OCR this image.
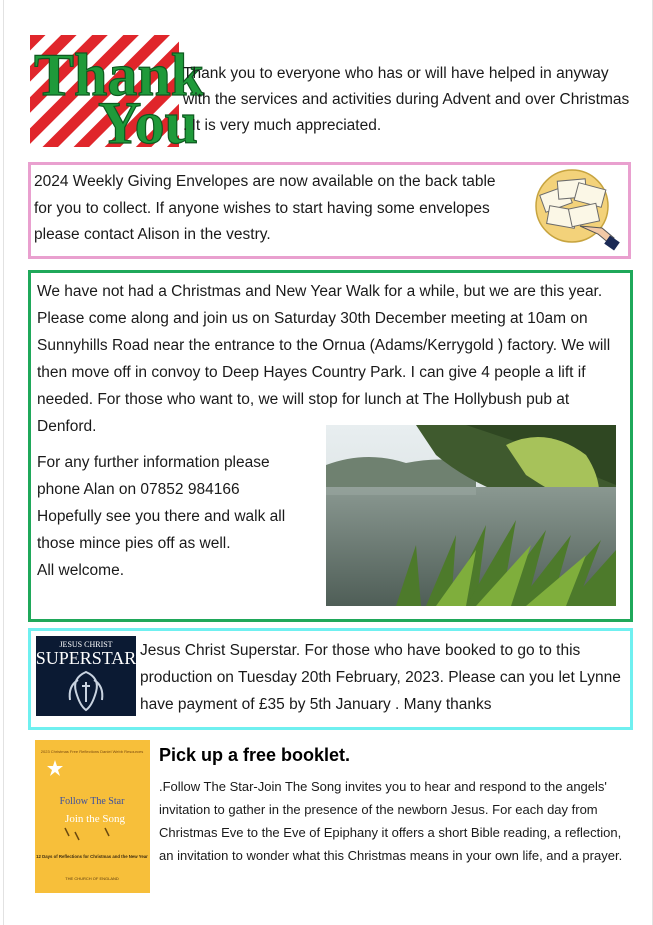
Thank
You
Thank you to everyone who has or will have helped in anyway with the services and activities during Advent and over Christmas . It is very much appreciated.
2024 Weekly Giving Envelopes are now available on the back table for you to collect. If anyone wishes to start having some envelopes please contact Alison in the vestry.
We have not had a Christmas and New Year Walk for a while, but we are this year. Please come along and join us on Saturday 30th December meeting at 10am on Sunnyhills Road near the entrance to the Ornua (Adams/Kerrygold ) factory. We will then move off in convoy to Deep Hayes Country Park. I can give 4 people a lift if needed. For those who want to, we will stop for lunch at The Hollybush pub at Denford.
For any further information please
phone Alan on 07852 984166
Hopefully see you there and walk all
those mince pies off as well.
All welcome.
JESUS CHRIST
SUPERSTAR Jesus Christ Superstar. For those who have booked to go to this production on Tuesday 20th February, 2023. Please can you let Lynne have payment of £35 by 5th January . Many thanks
2023 Christmas Free Reflections Daniel Webb Resources
Follow The Star
Join the Song
12 Days of Reflections for Christmas and the New Year
THE CHURCH OF ENGLAND
Pick up a free booklet.
.Follow The Star-Join The Song invites you to hear and respond to the angels' invitation to gather in the presence of the newborn Jesus. For each day from Christmas Eve to the Eve of Epiphany it offers a short Bible reading, a reflection, an invitation to wonder what this Christmas means in your own life, and a prayer.
